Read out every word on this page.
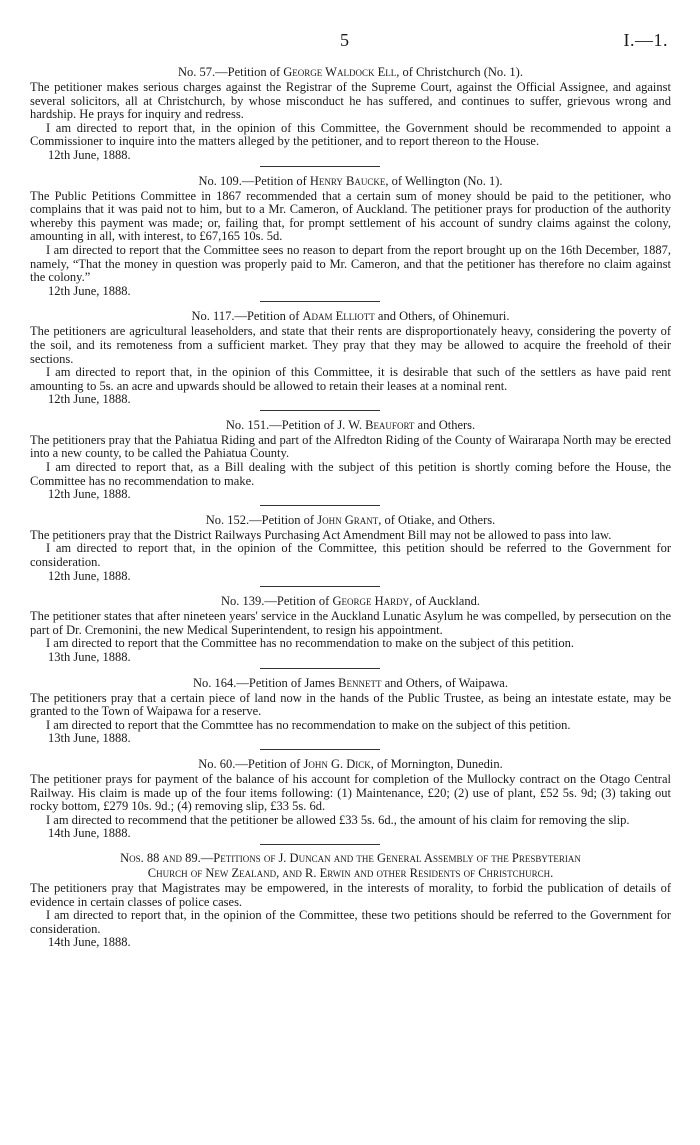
5	I.—1.

No. 57.—Petition of George Waldock Ell, of Christchurch (No. 1).

The petitioner makes serious charges against the Registrar of the Supreme Court, against the Official Assignee, and against several solicitors, all at Christchurch, by whose misconduct he has suffered, and continues to suffer, grievous wrong and hardship. He prays for inquiry and redress.
I am directed to report that, in the opinion of this Committee, the Government should be recommended to appoint a Commissioner to inquire into the matters alleged by the petitioner, and to report thereon to the House.

12th June, 1888.

No. 109.—Petition of Henry Baucke, of Wellington (No. 1).

The Public Petitions Committee in 1867 recommended that a certain sum of money should be paid to the petitioner, who complains that it was paid not to him, but to a Mr. Cameron, of Auckland. The petitioner prays for production of the authority whereby this payment was made; or, failing that, for prompt settlement of his account of sundry claims against the colony, amounting in all, with interest, to £67,165 10s. 5d.
I am directed to report that the Committee sees no reason to depart from the report brought up on the 16th December, 1887, namely, “That the money in question was properly paid to Mr. Cameron, and that the petitioner has therefore no claim against the colony.”

12th June, 1888.

No. 117.—Petition of Adam Elliott and Others, of Ohinemuri.

The petitioners are agricultural leaseholders, and state that their rents are disproportionately heavy, considering the poverty of the soil, and its remoteness from a sufficient market. They pray that they may be allowed to acquire the freehold of their sections.
I am directed to report that, in the opinion of this Committee, it is desirable that such of the settlers as have paid rent amounting to 5s. an acre and upwards should be allowed to retain their leases at a nominal rent.

12th June, 1888.

No. 151.—Petition of J. W. Beaufort and Others.

The petitioners pray that the Pahiatua Riding and part of the Alfredton Riding of the County of Wairarapa North may be erected into a new county, to be called the Pahiatua County.
I am directed to report that, as a Bill dealing with the subject of this petition is shortly coming before the House, the Committee has no recommendation to make.

12th June, 1888.

No. 152.—Petition of John Grant, of Otiake, and Others.

The petitioners pray that the District Railways Purchasing Act Amendment Bill may not be allowed to pass into law.
I am directed to report that, in the opinion of the Committee, this petition should be referred to the Government for consideration.

12th June, 1888.

No. 139.—Petition of George Hardy, of Auckland.

The petitioner states that after nineteen years' service in the Auckland Lunatic Asylum he was compelled, by persecution on the part of Dr. Cremonini, the new Medical Superintendent, to resign his appointment.
I am directed to report that the Committee has no recommendation to make on the subject of this petition.

13th June, 1888.

No. 164.—Petition of James Bennett and Others, of Waipawa.

The petitioners pray that a certain piece of land now in the hands of the Public Trustee, as being an intestate estate, may be granted to the Town of Waipawa for a reserve.
I am directed to report that the Commttee has no recommendation to make on the subject of this petition.

13th June, 1888.

No. 60.—Petition of John G. Dick, of Mornington, Dunedin.

The petitioner prays for payment of the balance of his account for completion of the Mullocky contract on the Otago Central Railway. His claim is made up of the four items following: (1) Maintenance, £20; (2) use of plant, £52 5s. 9d; (3) taking out rocky bottom, £279 10s. 9d.; (4) removing slip, £33 5s. 6d.
I am directed to recommend that the petitioner be allowed £33 5s. 6d., the amount of his claim for removing the slip.

14th June, 1888.

Nos. 88 and 89.—Petitions of J. Duncan and the General Assembly of the Presbyterian
Church of New Zealand, and R. Erwin and other Residents of Christchurch.

The petitioners pray that Magistrates may be empowered, in the interests of morality, to forbid the publication of details of evidence in certain classes of police cases.
I am directed to report that, in the opinion of the Committee, these two petitions should be referred to the Government for consideration.

14th June, 1888.
